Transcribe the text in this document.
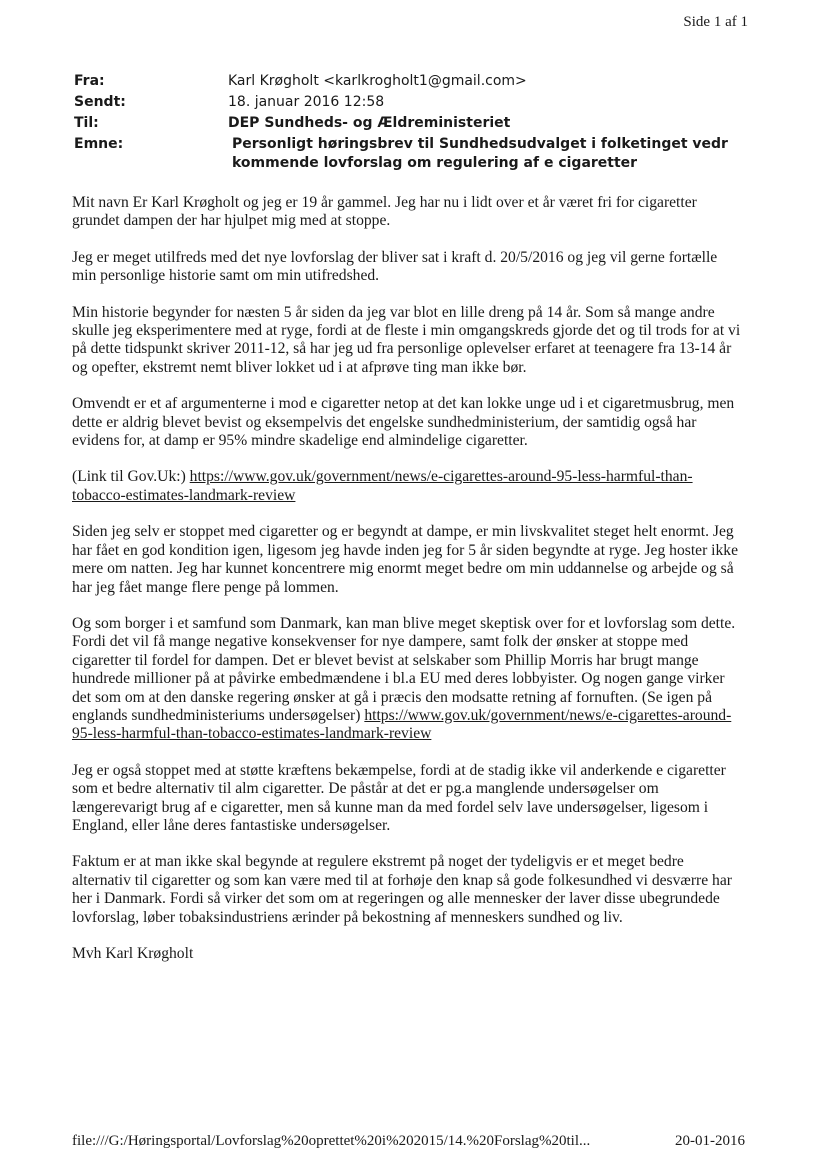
Side 1 af 1
Fra:	Karl Krøgholt <karlkrogholt1@gmail.com>
Sendt:	18. januar 2016 12:58
Til:	DEP Sundheds- og Ældreministeriet
Emne:	Personligt høringsbrev til Sundhedsudvalget i folketinget vedr kommende lovforslag om regulering af e cigaretter

Mit navn Er Karl Krøgholt og jeg er 19 år gammel. Jeg har nu i lidt over et år været fri for cigaretter grundet dampen der har hjulpet mig med at stoppe.

Jeg er meget utilfreds med det nye lovforslag der bliver sat i kraft d. 20/5/2016 og jeg vil gerne fortælle min personlige historie samt om min utifredshed.

Min historie begynder for næsten 5 år siden da jeg var blot en lille dreng på 14 år. Som så mange andre skulle jeg eksperimentere med at ryge, fordi at de fleste i min omgangskreds gjorde det og til trods for at vi på dette tidspunkt skriver 2011-12, så har jeg ud fra personlige oplevelser erfaret at teenagere fra 13-14 år og opefter, ekstremt nemt bliver lokket ud i at afprøve ting man ikke bør.

Omvendt er et af argumenterne i mod e cigaretter netop at det kan lokke unge ud i et cigaretmusbrug, men dette er aldrig blevet bevist og eksempelvis det engelske sundhedministerium, der samtidig også har evidens for, at damp er 95% mindre skadelige end almindelige cigaretter.

(Link til Gov.Uk:) https://www.gov.uk/government/news/e-cigarettes-around-95-less-harmful-than-tobacco-estimates-landmark-review

Siden jeg selv er stoppet med cigaretter og er begyndt at dampe, er min livskvalitet steget helt enormt. Jeg har fået en god kondition igen, ligesom jeg havde inden jeg for 5 år siden begyndte at ryge. Jeg hoster ikke mere om natten. Jeg har kunnet koncentrere mig enormt meget bedre om min uddannelse og arbejde og så har jeg fået mange flere penge på lommen.

Og som borger i et samfund som Danmark, kan man blive meget skeptisk over for et lovforslag som dette. Fordi det vil få mange negative konsekvenser for nye dampere, samt folk der ønsker at stoppe med cigaretter til fordel for dampen. Det er blevet bevist at selskaber som Phillip Morris har brugt mange hundrede millioner på at påvirke embedmændene i bl.a EU med deres lobbyister. Og nogen gange virker det som om at den danske regering ønsker at gå i præcis den modsatte retning af fornuften. (Se igen på englands sundhedministeriums undersøgelser) https://www.gov.uk/government/news/e-cigarettes-around-95-less-harmful-than-tobacco-estimates-landmark-review

Jeg er også stoppet med at støtte kræftens bekæmpelse, fordi at de stadig ikke vil anderkende e cigaretter som et bedre alternativ til alm cigaretter. De påstår at det er pg.a manglende undersøgelser om længerevarigt brug af e cigaretter, men så kunne man da med fordel selv lave undersøgelser, ligesom i England, eller låne deres fantastiske undersøgelser.

Faktum er at man ikke skal begynde at regulere ekstremt på noget der tydeligvis er et meget bedre alternativ til cigaretter og som kan være med til at forhøje den knap så gode folkesundhed vi desværre har her i Danmark. Fordi så virker det som om at regeringen og alle mennesker der laver disse ubegrundede lovforslag, løber tobaksindustriens ærinder på bekostning af menneskers sundhed og liv.

Mvh Karl Krøgholt

file:///G:/Høringsportal/Lovforslag%20oprettet%20i%202015/14.%20Forslag%20til...	20-01-2016
